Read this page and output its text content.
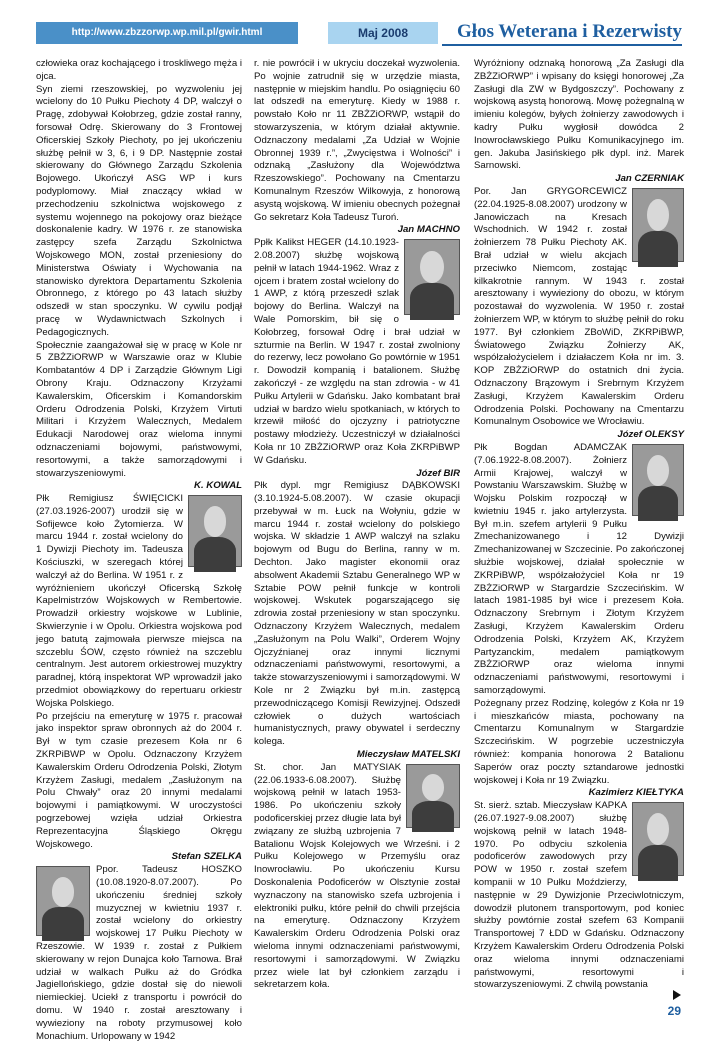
http://www.zbzzorwp.wp.mil.pl/gwir.html	Maj 2008	Głos Weterana i Rezerwisty

człowieka oraz kochającego i troskliwego męża i ojca.

Syn ziemi rzeszowskiej, po wyzwoleniu jej wcielony do 10 Pułku Piechoty 4 DP, walczył o Pragę, zdobywał Kołobrzeg, gdzie został ranny, forsował Odrę. Skierowany do 3 Frontowej Oficerskiej Szkoły Piechoty, po jej ukończeniu służbę pełnił w 3, 6, i 9 DP. Następnie został skierowany do Głównego Zarządu Szkolenia Bojowego. Ukończył ASG WP i kurs podyplomowy. Miał znaczący wkład w przechodzeniu szkolnictwa wojskowego z systemu wojennego na pokojowy oraz bieżące doskonalenie kadry. W 1976 r. ze stanowiska zastępcy szefa Zarządu Szkolnictwa Wojskowego MON, został przeniesiony do Ministerstwa Oświaty i Wychowania na stanowisko dyrektora Departamentu Szkolenia Obronnego, z którego po 43 latach służby odszedł w stan spoczynku. W cywilu podjął pracę w Wydawnictwach Szkolnych i Pedagogicznych.

Społecznie zaangażował się w pracę w Kole nr 5 ZBŻZiORWP w Warszawie oraz w Klubie Kombatantów 4 DP i Zarządzie Głównym Ligi Obrony Kraju. Odznaczony Krzyżami Kawalerskim, Oficerskim i Komandorskim Orderu Odrodzenia Polski, Krzyżem Virtuti Militari i Krzyżem Walecznych, Medalem Edukacji Narodowej oraz wieloma innymi odznaczeniami bojowymi, państwowymi, resortowymi, a także samorządowymi i stowarzyszeniowymi.

K. KOWAL

Płk Remigiusz ŚWIĘCICKI (27.03.1926-2007) urodził się w Sofijewce koło Żytomierza. W marcu 1944 r. został wcielony do 1 Dywizji Piechoty im. Tadeusza Kościuszki, w szeregach której walczył aż do Berlina. W 1951 r. z wyróżnieniem ukończył Oficerską Szkołę Kapelmistrzów Wojskowych w Rembertowie. Prowadził orkiestry wojskowe w Lublinie, Skwierzynie i w Opolu. Orkiestra wojskowa pod jego batutą zajmowała pierwsze miejsca na szczeblu ŚOW, często również na szczeblu centralnym. Jest autorem orkiestrowej muzyktry paradnej, którą inspektorat WP wprowadził jako przedmiot obowiązkowy do repertuaru orkiestr Wojska Polskiego.

Po przejściu na emeryturę w 1975 r. pracował jako inspektor spraw obronnych aż do 2004 r. Był w tym czasie prezesem Koła nr 6 ZKRPiBWP w Opolu. Odznaczony Krzyżem Kawalerskim Orderu Odrodzenia Polski, Złotym Krzyżem Zasługi, medalem „Zasłużonym na Polu Chwały” oraz 20 innymi medalami bojowymi i pamiątkowymi. W uroczystości pogrzebowej wzięła udział Orkiestra Reprezentacyjna Śląskiego Okręgu Wojskowego.

Stefan SZELKA

Ppor. Tadeusz HOSZKO (10.08.1920-8.07.2007). Po ukończeniu średniej szkoły muzycznej w kwietniu 1937 r. został wcielony do orkiestry wojskowej 17 Pułku Piechoty w Rzeszowie. W 1939 r. został z Pułkiem skierowany w rejon Dunajca koło Tarnowa. Brał udział w walkach Pułku aż do Gródka Jagiellońskiego, gdzie dostał się do niewoli niemieckiej. Uciekł z transportu i powrócił do domu. W 1940 r. został aresztowany i wywieziony na roboty przymusowej koło Monachium. Urlopowany w 1942

r. nie powrócił i w ukryciu doczekał wyzwolenia. Po wojnie zatrudnił się w urzędzie miasta, następnie w miejskim handlu. Po osiągnięciu 60 lat odszedł na emeryturę. Kiedy w 1988 r. powstało Koło nr 11 ZBŻZiORWP, wstąpił do stowarzyszenia, w którym działał aktywnie. Odznaczony medalami „Za Udział w Wojnie Obronnej 1939 r.”, „Zwycięstwa i Wolności” i odznaką „Zasłużony dla Województwa Rzeszowskiego”. Pochowany na Cmentarzu Komunalnym Rzeszów Wilkowyja, z honorową asystą wojskową. W imieniu obecnych pożegnał Go sekretarz Koła Tadeusz Turoń.

Jan MACHNO

Ppłk Kalikst HEGER (14.10.1923-2.08.2007) służbę wojskową pełnił w latach 1944-1962. Wraz z ojcem i bratem został wcielony do 1 AWP, z którą przeszedł szlak bojowy do Berlina. Walczył na Wale Pomorskim, bił się o Kołobrzeg, forsował Odrę i brał udział w szturmie na Berlin. W 1947 r. został zwolniony do rezerwy, lecz powołano Go powtórnie w 1951 r. Dowodził kompanią i batalionem. Służbę zakończył - ze względu na stan zdrowia - w 41 Pułku Artylerii w Gdańsku. Jako kombatant brał udział w bardzo wielu spotkaniach, w których to krzewił miłość do ojczyzny i patriotyczne postawy młodzieży. Uczestniczył w działalności Koła nr 10 ZBŻZiORWP oraz Koła ZKRPiBWP W Gdańsku.

Józef BIR

Płk dypl. mgr Remigiusz DĄBKOWSKI (3.10.1924-5.08.2007). W czasie okupacji przebywał w m. Łuck na Wołyniu, gdzie w marcu 1944 r. został wcielony do polskiego wojska. W składzie 1 AWP walczył na szlaku bojowym od Bugu do Berlina, ranny w m. Dechton. Jako magister ekonomii oraz absolwent Akademii Sztabu Generalnego WP w Sztabie POW pełnił funkcje w kontroli wojskowej. Wskutek pogarszającego się zdrowia został przeniesiony w stan spoczynku. Odznaczony Krzyżem Walecznych, medalem „Zasłużonym na Polu Walki”, Orderem Wojny Ojczyźnianej oraz innymi licznymi odznaczeniami państwowymi, resortowymi, a także stowarzyszeniowymi i samorządowymi. W Kole nr 2 Związku był m.in. zastępcą przewodniczącego Komisji Rewizyjnej. Odszedł człowiek o dużych wartościach humanistycznych, prawy obywatel i serdeczny kolega.

Mieczysław MATELSKI

St. chor. Jan MATYSIAK (22.06.1933-6.08.2007). Służbę wojskową pełnił w latach 1953-1986. Po ukończeniu szkoły podoficerskiej przez długie lata był związany ze służbą uzbrojenia 7 Batalionu Wojsk Kolejowych we Wrześni. i 2 Pułku Kolejowego w Przemyślu oraz Inowrocławiu. Po ukończeniu Kursu Doskonalenia Podoficerów w Olsztynie został wyznaczony na stanowisko szefa uzbrojenia i elektroniki pułku, które pełnił do chwili przejścia na emeryturę. Odznaczony Krzyżem Kawalerskim Orderu Odrodzenia Polski oraz wieloma innymi odznaczeniami państwowymi, resortowymi i samorządowymi. W Związku przez wiele lat był członkiem zarządu i sekretarzem koła.

Wyróżniony odznaką honorową „Za Zasługi dla ZBŻZiORWP” i wpisany do księgi honorowej „Za Zasługi dla ZW w Bydgoszczy”. Pochowany z wojskową asystą honorową. Mowę pożegnalną w imieniu kolegów, byłych żołnierzy zawodowych i kadry Pułku wygłosił dowódca 2 Inowrocławskiego Pułku Komunikacyjnego im. gen. Jakuba Jasińskiego płk dypl. inż. Marek Sarnowski.

Jan CZERNIAK

Por. Jan GRYGORCEWICZ (22.04.1925-8.08.2007) urodzony w Janowiczach na Kresach Wschodnich. W 1942 r. został żołnierzem 78 Pułku Piechoty AK. Brał udział w wielu akcjach przeciwko Niemcom, zostając kilkakrotnie rannym. W 1943 r. został aresztowany i wywieziony do obozu, w którym pozostawał do wyzwolenia. W 1950 r. został żołnierzem WP, w którym to służbę pełnił do roku 1977. Był członkiem ZBoWiD, ZKRPiBWP, Światowego Związku Żołnierzy AK, współzałożycielem i działaczem Koła nr im. 3. KOP ZBŻZiORWP do ostatnich dni życia. Odznaczony Brązowym i Srebrnym Krzyżem Zasługi, Krzyżem Kawalerskim Orderu Odrodzenia Polski. Pochowany na Cmentarzu Komunalnym Osobowice we Wrocławiu.

Józef OLEKSY

Płk Bogdan ADAMCZAK (7.06.1922-8.08.2007). Żołnierz Armii Krajowej, walczył w Powstaniu Warszawskim. Służbę w Wojsku Polskim rozpoczął w kwietniu 1945 r. jako artylerzysta. Był m.in. szefem artylerii 9 Pułku Zmechanizowanego i 12 Dywizji Zmechanizowanej w Szczecinie. Po zakończonej służbie wojskowej, działał społecznie w ZKRPiBWP, współzałożyciel Koła nr 19 ZBŻZiORWP w Stargardzie Szczecińskim. W latach 1981-1985 był wice i prezesem Koła. Odznaczony Srebrnym i Złotym Krzyżem Zasługi, Krzyżem Kawalerskim Orderu Odrodzenia Polski, Krzyżem AK, Krzyżem Partyzanckim, medalem pamiątkowym ZBŻZiORWP oraz wieloma innymi odznaczeniami państwowymi, resortowymi i samorządowymi.

Pożegnany przez Rodzinę, kolegów z Koła nr 19 i mieszkańców miasta, pochowany na Cmentarzu Komunalnym w Stargardzie Szczecińskim. W pogrzebie uczestniczyła również: kompania honorowa 2 Batalionu Saperów oraz poczty sztandarowe jednostki wojskowej i Koła nr 19 Związku.

Kazimierz KIEŁTYKA

St. sierż. sztab. Mieczysław KAPKA (26.07.1927-9.08.2007) służbę wojskową pełnił w latach 1948-1970. Po odbyciu szkolenia podoficerów zawodowych przy POW w 1950 r. został szefem kompanii w 10 Pułku Moździerzy, następnie w 29 Dywizjonie Przeciwlotniczym, dowodził plutonem transportowym, pod koniec służby powtórnie został szefem 63 Kompanii Transportowej 7 ŁDD w Gdańsku. Odznaczony Krzyżem Kawalerskim Orderu Odrodzenia Polski oraz wieloma innymi odznaczeniami państwowymi, resortowymi i stowarzyszeniowymi. Z chwilą powstania

29
